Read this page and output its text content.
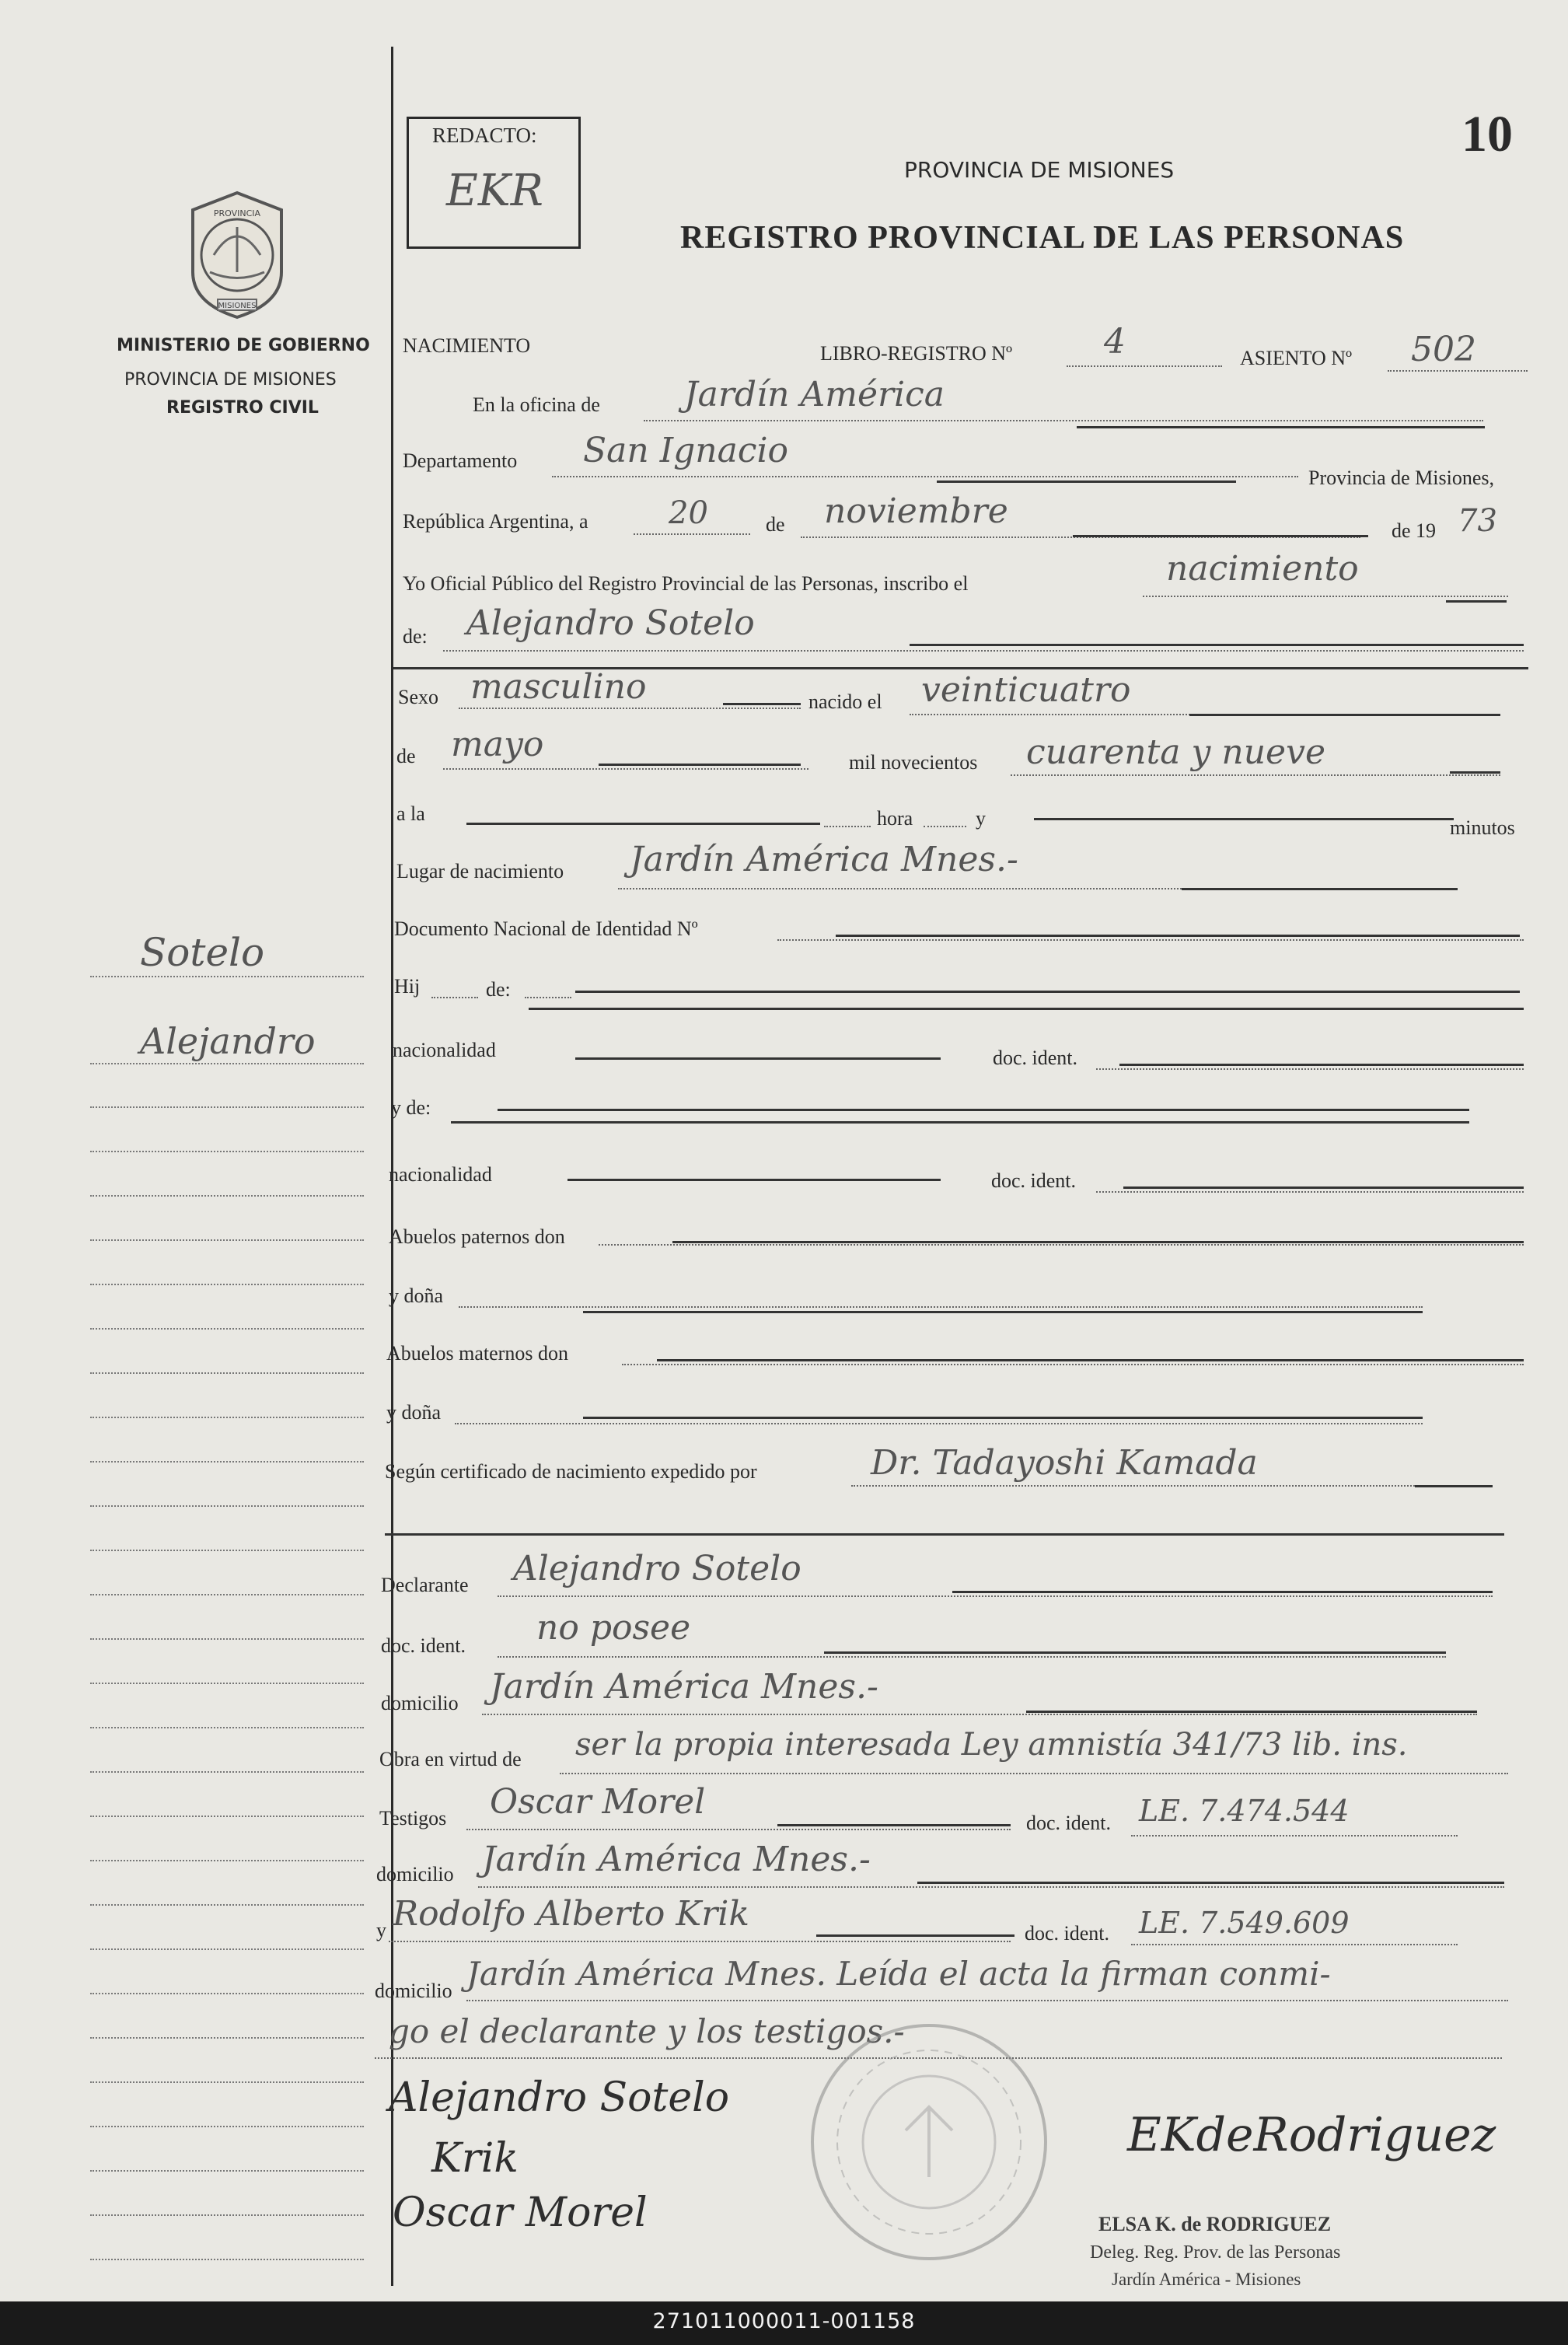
10
REDACTO:
EKR	PROVINCIA DE MISIONES
REGISTRO PROVINCIAL DE LAS PERSONAS
PROVINCIA
MISIONES
MINISTERIO DE GOBIERNO
PROVINCIA DE MISIONES
REGISTRO CIVIL
Sotelo
Alejandro
NACIMIENTO	LIBRO-REGISTRO Nº	4	ASIENTO Nº 502
En la oficina de Jardín América
Departamento San Ignacio
Provincia de Misiones,
República Argentina, a	20	de noviembre	de 19 73
Yo Oficial Público del Registro Provincial de las Personas, inscribo el	nacimiento
de: Alejandro Sotelo
Sexo masculino	nacido el veinticuatro
de mayo	mil novecientos cuarenta y nueve
a la	hora	y	minutos
Lugar de nacimiento Jardín América Mnes.-
Documento Nacional de Identidad Nº
Hij	de:
nacionalidad	doc. ident.
y de:
nacionalidad	doc. ident.
Abuelos paternos don
y doña
Abuelos maternos don
y doña
Según certificado de nacimiento expedido por	Dr. Tadayoshi Kamada
Declarante Alejandro Sotelo
doc. ident. no posee
domicilio Jardín América Mnes.-
Obra en virtud de ser la propia interesada Ley amnistía 341/73 lib. ins.
Testigos Oscar Morel
doc. ident. LE. 7.474.544
domicilio Jardín América Mnes.-
y Rodolfo Alberto Krik	doc. ident. LE. 7.549.609
domicilio Jardín América Mnes. Leída el acta la firman conmi-
go el declarante y los testigos.-
Alejandro Sotelo
Krik
Oscar Morel
EKdeRodriguez
ELSA K. de RODRIGUEZ
Deleg. Reg. Prov. de las Personas
Jardín América - Misiones
271011000011-001158
